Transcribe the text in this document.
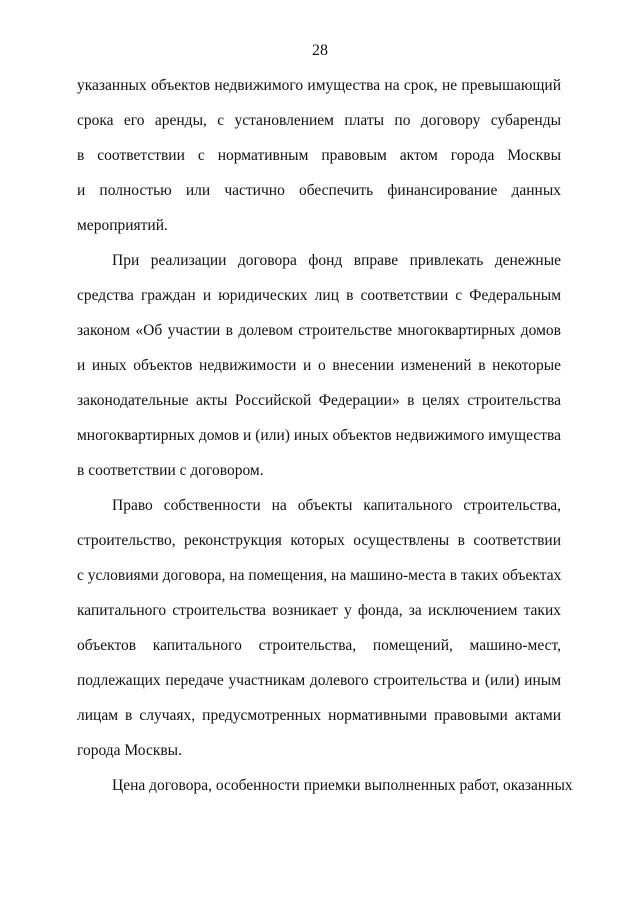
28
указанных объектов недвижимого имущества на срок, не превышающий
срока его аренды, с установлением платы по договору субаренды
в соответствии с нормативным правовым актом города Москвы
и полностью или частично обеспечить финансирование данных
мероприятий.
При реализации договора фонд вправе привлекать денежные
средства граждан и юридических лиц в соответствии с Федеральным
законом «Об участии в долевом строительстве многоквартирных домов
и иных объектов недвижимости и о внесении изменений в некоторые
законодательные акты Российской Федерации» в целях строительства
многоквартирных домов и (или) иных объектов недвижимого имущества
в соответствии с договором.
Право собственности на объекты капитального строительства,
строительство, реконструкция которых осуществлены в соответствии
с условиями договора, на помещения, на машино-места в таких объектах
капитального строительства возникает у фонда, за исключением таких
объектов капитального строительства, помещений, машино-мест,
подлежащих передаче участникам долевого строительства и (или) иным
лицам в случаях, предусмотренных нормативными правовыми актами
города Москвы.
Цена договора, особенности приемки выполненных работ, оказанных
